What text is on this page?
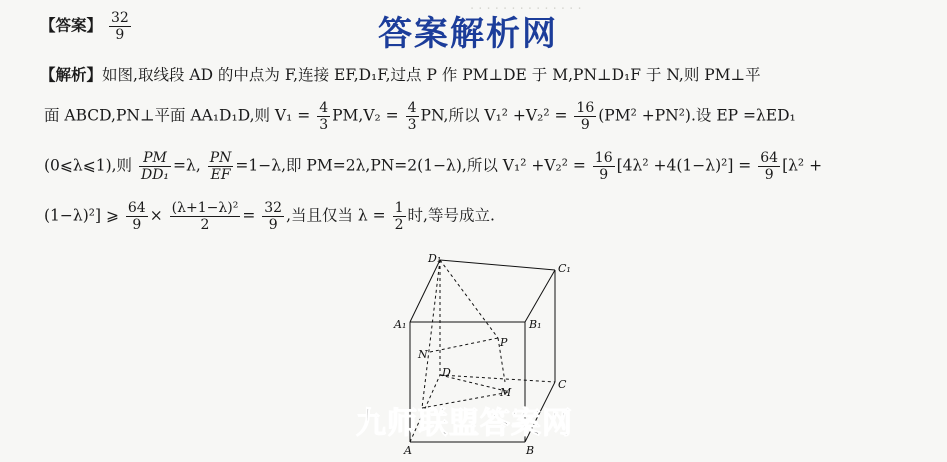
· · · · · · · · · · · · · ·
答案解析网
【答案】 $\frac{32}{9}$
【解析】如图,取线段 AD 的中点为 F,连接 EF,D₁F,过点 P 作 PM⊥DE 于 M,PN⊥D₁F 于 N,则 PM⊥平
面 ABCD,PN⊥平面 AA₁D₁D,则 $V_1 = \frac{4}{3} PM,V_2 = \frac{4}{3}$ PN,所以 $V_1^2 +V_2^2 = \frac{16}{9} (PM^2 +PN^2)$.设 EP =λED₁
(0⩽λ⩽1),则 $\frac{PM}{\text{DD₁}} =\lambda$, $\frac{PN}{EF} =1-\lambda$,即 PM=2λ,PN=2(1−λ),所以 $V_1^2 +V_2^2 = \frac{16}{9} [4\lambda^2 +4(1-\lambda)^2] = \frac{64}{9} [\lambda^2$ +
(1−λ)²] ⩾ $\frac{64}{9} \times \frac{\text{(λ+1−λ)²}}{2} = \frac{32}{9}$ ,当且仅当 $\lambda = \frac{1}{2}$ 时,等号成立.
D₁
C₁
A₁	B₁
N
P
D
M
C
A	B
九师联盟答案网
